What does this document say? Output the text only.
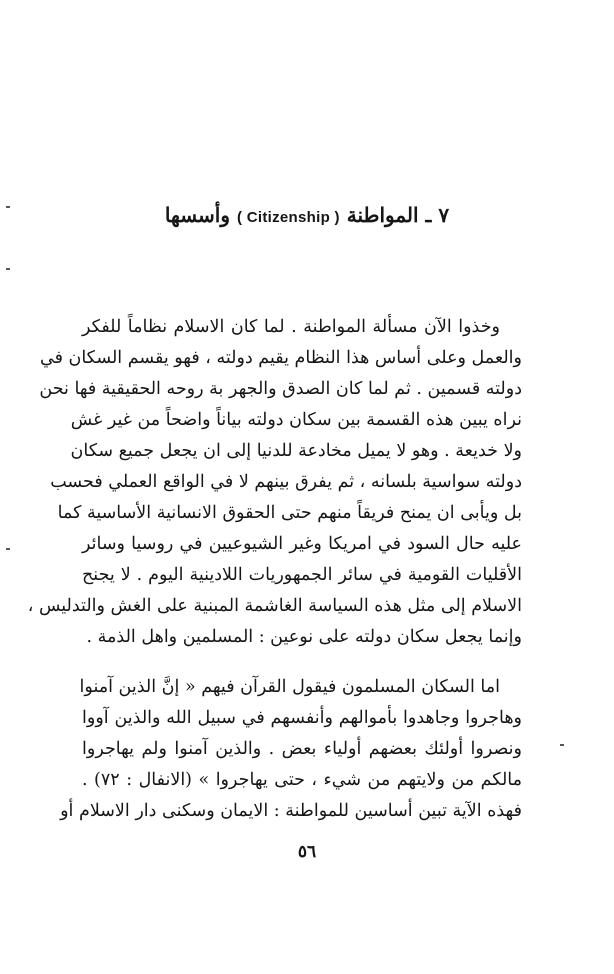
٧ ـ المواطنة ( Citizenship ) وأسسها
وخذوا الآن مسألة المواطنة . لما كان الاسلام نظاماً للفكر
والعمل وعلى أساس هذا النظام يقيم دولته ، فهو يقسم السكان في
دولته قسمين . ثم لما كان الصدق والجهر بة روحه الحقيقية فها نحن
نراه يبين هذه القسمة بين سكان دولته بياناً واضحاً من غير غش
ولا خديعة . وهو لا يميل مخادعة للدنيا إلى ان يجعل جميع سكان
دولته سواسية بلسانه ، ثم يفرق بينهم لا في الواقع العملي فحسب
بل ويأبى ان يمنح فريقاً منهم حتى الحقوق الانسانية الأساسية كما
عليه حال السود في امريكا وغير الشيوعيين في روسيا وسائر
الأقليات القومية في سائر الجمهوريات اللادينية اليوم . لا يجنح
الاسلام إلى مثل هذه السياسة الغاشمة المبنية على الغش والتدليس ،
وإنما يجعل سكان دولته على نوعين : المسلمين واهل الذمة .
اما السكان المسلمون فيقول القرآن فيهم « إنَّ الذين آمنوا
وهاجروا وجاهدوا بأموالهم وأنفسهم في سبيل الله والذين آووا
ونصروا أولئك بعضهم أولياء بعض . والذين آمنوا ولم يهاجروا
مالكم من ولايتهم من شيء ، حتى يهاجروا » (الانفال : ٧٢) .
فهذه الآية تبين أساسين للمواطنة : الايمان وسكنى دار الاسلام أو
٥٦
